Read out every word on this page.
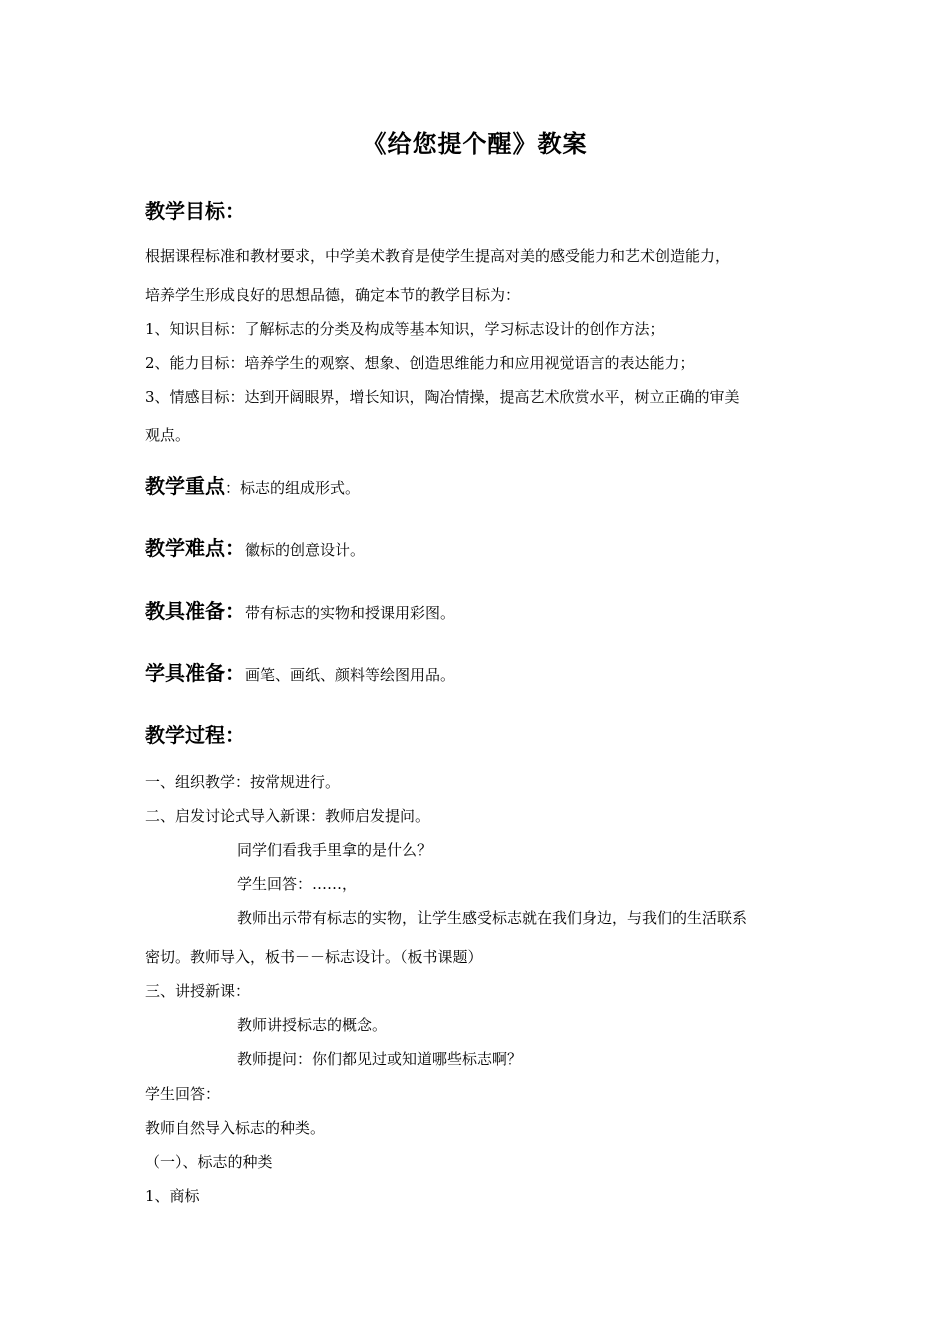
《给您提个醒》教案
教学目标：
根据课程标准和教材要求，中学美术教育是使学生提高对美的感受能力和艺术创造能力，
培养学生形成良好的思想品德，确定本节的教学目标为：
1、知识目标：了解标志的分类及构成等基本知识，学习标志设计的创作方法；
2、能力目标：培养学生的观察、想象、创造思维能力和应用视觉语言的表达能力；
3、情感目标：达到开阔眼界，增长知识，陶冶情操，提高艺术欣赏水平，树立正确的审美
观点。
教学重点：标志的组成形式。
教学难点：徽标的创意设计。
教具准备：带有标志的实物和授课用彩图。
学具准备：画笔、画纸、颜料等绘图用品。
教学过程：
一、组织教学：按常规进行。
二、启发讨论式导入新课：教师启发提问。
同学们看我手里拿的是什么？
学生回答：……，
教师出示带有标志的实物，让学生感受标志就在我们身边，与我们的生活联系
密切。教师导入，板书－－标志设计。（板书课题）
三、讲授新课：
教师讲授标志的概念。
教师提问：你们都见过或知道哪些标志啊？
学生回答：
教师自然导入标志的种类。
（一）、标志的种类
1、商标
